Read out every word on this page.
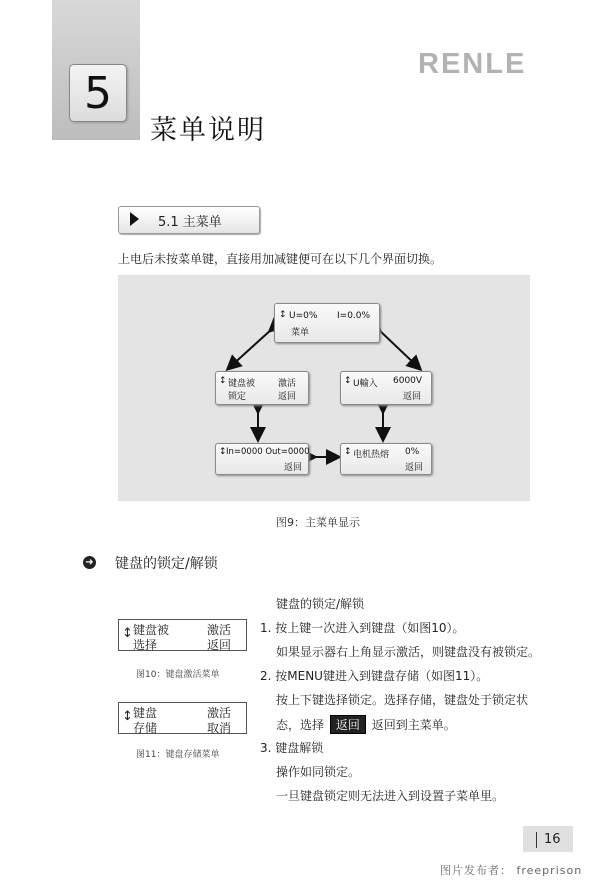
5
菜单说明
RENLE
5.1 主菜单
上电后未按菜单键，直接用加减键便可在以下几个界面切换。
↕ U=0% I=0.0%
菜单
↕ 键盘被	激活
锁定	返回
↕ U輸入 6000V
返回
↕ In=0000 Out=0000
返回
↕ 电机热熔 0%
返回
图9：主菜单显示
➜ 键盘的锁定/解锁
键盘的锁定/解锁
1. 按上键一次进入到键盘（如图10）。
如果显示器右上角显示激活，则键盘没有被锁定。
2. 按MENU键进入到键盘存储（如图11）。
按上下键选择锁定。选择存储，键盘处于锁定状
态，选择 返回 返回到主菜单。
3. 键盘解锁
操作如同锁定。
一旦键盘锁定则无法进入到设置子菜单里。
↕ 键盘被	激活
选择	返回
图10：键盘激活菜单
↕ 键盘	激活
存储	取消
图11：键盘存储菜单
16
图片发布者： freeprison
